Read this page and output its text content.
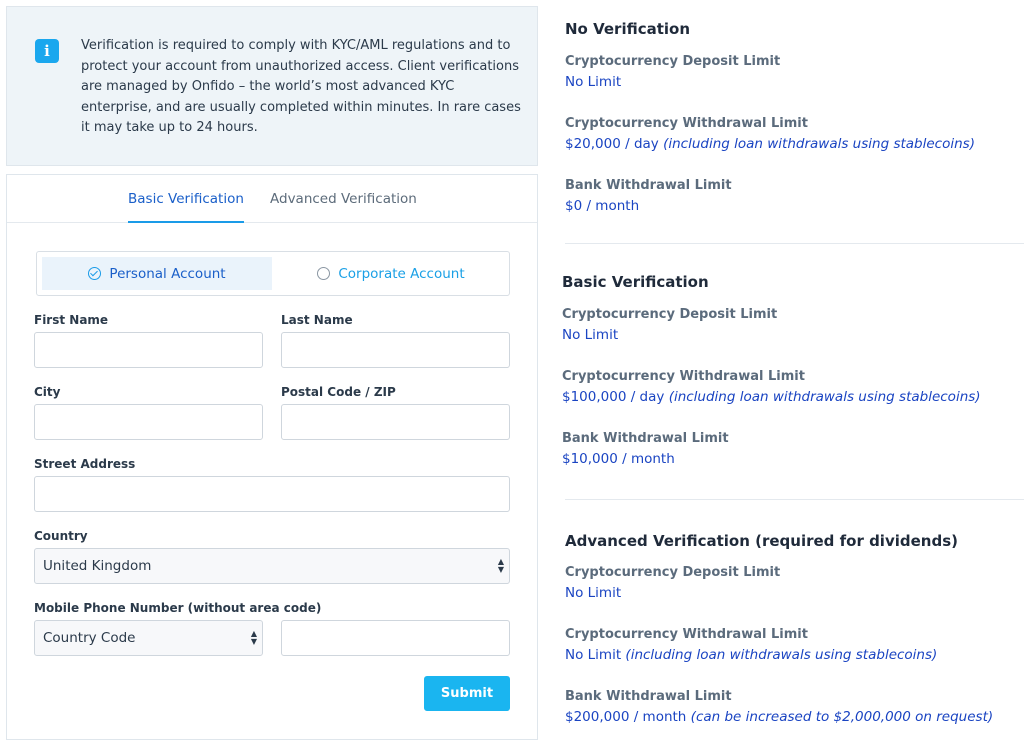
i	Verification is required to comply with KYC/AML regulations and to protect your account from unauthorized access. Client verifications are managed by Onfido – the world’s most advanced KYC enterprise, and are usually completed within minutes. In rare cases it may take up to 24 hours.
Basic Verification Advanced Verification
Personal Account	Corporate Account
First Name	Last Name
City	Postal Code / ZIP
Street Address
Country
United Kingdom	▲
▼
Mobile Phone Number (without area code)
Country Code	▲
▼
Submit
No Verification
Cryptocurrency Deposit Limit
No Limit
Cryptocurrency Withdrawal Limit
$20,000 / day (including loan withdrawals using stablecoins)
Bank Withdrawal Limit
$0 / month
Basic Verification
Cryptocurrency Deposit Limit
No Limit
Cryptocurrency Withdrawal Limit
$100,000 / day (including loan withdrawals using stablecoins)
Bank Withdrawal Limit
$10,000 / month
Advanced Verification (required for dividends)
Cryptocurrency Deposit Limit
No Limit
Cryptocurrency Withdrawal Limit
No Limit (including loan withdrawals using stablecoins)
Bank Withdrawal Limit
$200,000 / month (can be increased to $2,000,000 on request)
